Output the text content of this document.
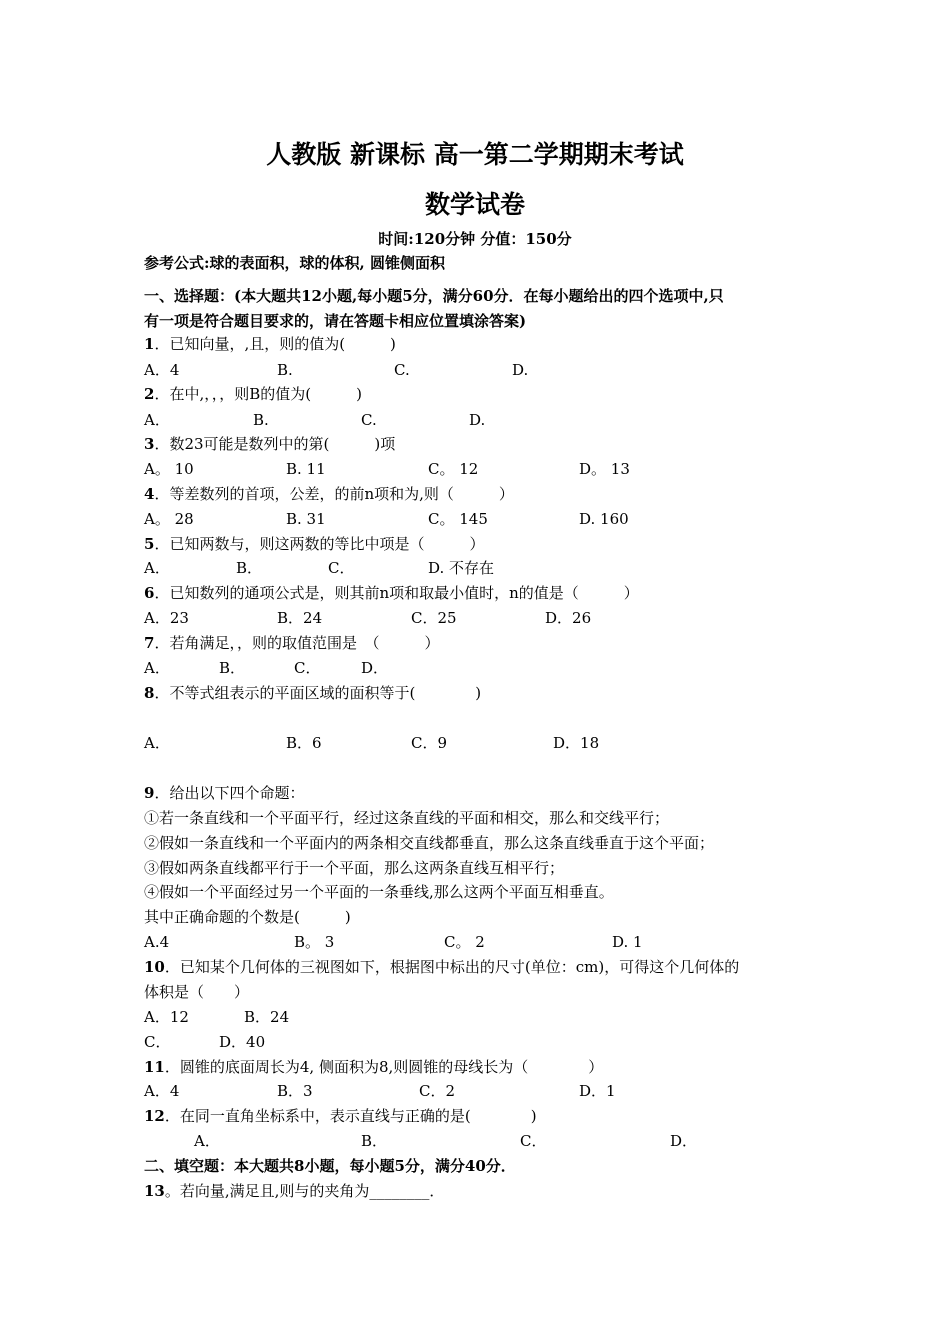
人教版 新课标 高一第二学期期末考试
数学试卷
时间:120分钟 分值：150分
参考公式:球的表面积，球的体积, 圆锥侧面积
一、选择题：(本大题共12小题,每小题5分，满分60分．在每小题给出的四个选项中,只
有一项是符合题目要求的，请在答题卡相应位置填涂答案)
1．已知向量，,且，则的值为(　　　)
A．4	B.	C.	D.
2．在中,，，，则B的值为(　　　)
A．	B.	C.	D.
3．数23可能是数列中的第(　　　)项
A。 10	B. 11	C。 12	D。 13
4．等差数列的首项，公差，的前n项和为,则（　　　）
A。 28	B. 31	C。 145	D. 160
5．已知两数与，则这两数的等比中项是（　　　）
A．	B．	C．	D. 不存在
6．已知数列的通项公式是，则其前n项和取最小值时，n的值是（　　　）
A．23	B．24	C．25	D．26
7．若角满足，，则的取值范围是　（　　　）
A．	B．	C．	D．
8．不等式组表示的平面区域的面积等于(　　　　)
A．	B．6	C．9	D．18
9．给出以下四个命题：
①若一条直线和一个平面平行，经过这条直线的平面和相交，那么和交线平行；
②假如一条直线和一个平面内的两条相交直线都垂直，那么这条直线垂直于这个平面；
③假如两条直线都平行于一个平面，那么这两条直线互相平行；
④假如一个平面经过另一个平面的一条垂线,那么这两个平面互相垂直。
其中正确命题的个数是(　　　)
A.4	B。 3	C。 2	D. 1
10．已知某个几何体的三视图如下，根据图中标出的尺寸(单位：cm)，可得这个几何体的
体积是（　　）
A．12	B．24
C．	D．40
11．圆锥的底面周长为4, 侧面积为8,则圆锥的母线长为（　　　　）
A．4	B．3	C．2	D．1
12．在同一直角坐标系中，表示直线与正确的是(　　　　)
A．	B．	C．	D．
二、填空题：本大题共8小题，每小题5分，满分40分．
13。若向量,满足且,则与的夹角为________．
